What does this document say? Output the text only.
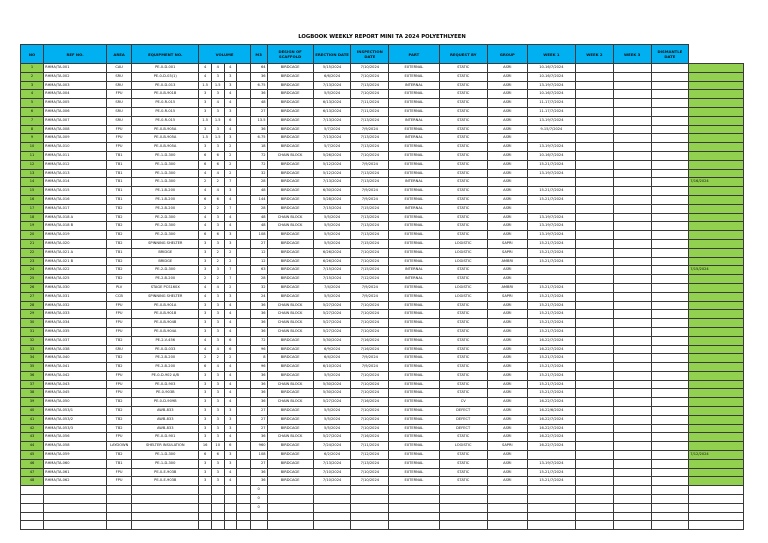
LOGBOOK WEEKLY REPORT MINI TA 2024 POLYETHLYEEN
NO	REF NO.	AREA	EQUIPMENT NO.	VOLUME				M3	DESIGN OF SCAFFOLD	ERECTION DATE	INSPECTION DATE	PART	REQUEST BY	GROUP	WEEK 1	WEEK 2	WEEK 3	DISMANTLE DATE	
1	RHMA/TA-001	CAU	PE-0-D-001	4	4	4		64	BIRDCAGE	5/15/2024	7/10/2024	EXTERNAL	STATIC	ASRI	10-16/7/2024				
2	RHMA/TA-002	SRU	PE-0-D-03(1)	4	3	3		36	BIRDCAGE	6/6/2024	7/10/2024	EXTERNAL	STATIC	ASRI	10-16/7/2024				
3	RHMA/TA-003	SRU	PE-0-D-013	1.5	1.5	3		6.75	BIRDCAGE	7/13/2024	7/13/2024	INTERNAL	STATIC	ASRI	13-19/7/2024				
4	RHMA/TA-004	FPU	PE-0-B-901B	3	3	4		36	BIRDCAGE	5/5/2024	7/10/2024	EXTERNAL	STATIC	ASRI	10-16/7/2024				
5	RHMA/TA-005	SRU	PE-0-R-015	3	4	4		48	BIRDCAGE	6/13/2024	7/11/2024	EXTERNAL	STATIC	ASRI	11-17/7/2024				
6	RHMA/TA-006	SRU	PE-0-R-015	3	3	3		27	BIRDCAGE	6/13/2024	7/11/2024	EXTERNAL	STATIC	ASRI	11-17/7/2024				
7	RHMA/TA-007	SRU	PE-0-R-015	1.5	1.5	6		13.5	BIRDCAGE	7/13/2024	7/13/2024	INTERNAL	STATIC	ASRI	13-19/7/2024				
8	RHMA/TA-008	FPU	PE-0-B-905A	3	3	4		36	BIRDCAGE	5/7/2024	7/9/2024	EXTERNAL	STATIC	ASRI	9-15/7/2024				
9	RHMA/TA-009	FPU	PE-0-B-905A	1.5	1.5	3		6.75	BIRDCAGE	7/13/2024	7/13/2024	INTERNAL	STATIC	ASRI					
10	RHMA/TA-010	FPU	PE-0-B-905A	3	3	2		18	BIRDCAGE	5/7/2024	7/13/2024	EXTERNAL	STATIC	ASRI	13-19/7/2024				
11	RHMA/TA-011	TB1	PE-1-D-300	6	6	2		72	CHAIN BLOCK	5/26/2024	7/10/2024	EXTERNAL	STATIC	ASRI	10-16/7/2024				
12	RHMA/TA-012	TB1	PE-1-D-300	6	6	2		72	BIRDCAGE	5/12/2024	7/9/2024	EXTERNAL	STATIC	ASRI	15-21/7/2024				
13	RHMA/TA-013	TB1	PE-1-D-300	4	4	2		32	BIRDCAGE	5/12/2024	7/13/2024	EXTERNAL	STATIC	ASRI	13-19/7/2024				
14	RHMA/TA-014	TB1	PE-1-D-300	2	2	7		28	BIRDCAGE	7/13/2024	7/13/2024	INTERNAL	STATIC	ASRI					7/16/2024
15	RHMA/TA-015	TB1	PE-1-B-200	4	4	3		48	BIRDCAGE	6/30/2024	7/9/2024	EXTERNAL	STATIC	ASRI	15-21/7/2024				
16	RHMA/TA-016	TB1	PE-1-B-200	6	6	4		144	BIRDCAGE	5/28/2024	7/9/2024	EXTERNAL	STATIC	ASRI	15-21/7/2024				
17	RHMA/TA-017	TB2	PE-2-B-200	2	2	7		28	BIRDCAGE	7/15/2024	7/15/2024	INTERNAL	STATIC	ASRI					
18	RHMA/TA-018 A	TB2	PE-2-D-300	4	3	4		48	CHAIN BLOCK	5/5/2024	7/13/2024	EXTERNAL	STATIC	ASRI	13-19/7/2024				
19	RHMA/TA-018 B	TB2	PE-2-D-300	4	3	4		48	CHAIN BLOCK	5/5/2024	7/13/2024	EXTERNAL	STATIC	ASRI	13-19/7/2024				
20	RHMA/TA-019	TB2	PE-2-D-300	6	6	3		108	BIRDCAGE	5/5/2024	7/13/2024	EXTERNAL	STATIC	ASRI	13-19/7/2024				
21	RHMA/TA-020	TB2	SPINNING SHELTER	3	3	3		27	BIRDCAGE	5/5/2024	7/15/2024	EXTERNAL	LOGISTIC	SAPRI	15-21/7/2024				
22	RHMA/TA-021 A	TB1	BRIDGE	3	2	2		12	BIRDCAGE	6/26/2024	7/10/2024	EXTERNAL	LOGISTIC	SAPRI	15-21/7/2024				
23	RHMA/TA-021 B	TB2	BRIDGE	3	2	2		12	BIRDCAGE	6/26/2024	7/10/2024	EXTERNAL	LOGISTIC	AMBRI	15-21/7/2024				
24	RHMA/TA-022	TB2	PE-2-D-300	3	3	7		63	BIRDCAGE	7/15/2024	7/15/2024	INTERNAL	STATIC	ASRI					7/15/2024
25	RHMA/TA-025	TB2	PE-2-B-200	2	2	7		28	BIRDCAGE	7/15/2024	7/12/2024	INTERNAL	STATIC	ASRI					
26	RHMA/TA-030	PLV	STAGE PCS160X	4	4	2		32	BIRDCAGE	7/4/2024	7/9/2024	EXTERNAL	LOGISTIC	AMBRI	15-21/7/2024				
27	RHMA/TA-031	CCB	SPINNING SHELTER	4	3	3		24	BIRDCAGE	5/5/2024	7/9/2024	EXTERNAL	LOGISTIC	SAPRI	15-21/7/2024				
28	RHMA/TA-032	FPU	PE-0-B-901A	3	3	4		36	CHAIN BLOCK	5/27/2024	7/10/2024	EXTERNAL	STATIC	ASRI	15-21/7/2024				
29	RHMA/TA-033	FPU	PE-0-B-901B	3	3	4		36	CHAIN BLOCK	5/27/2024	7/10/2024	EXTERNAL	STATIC	ASRI	15-21/7/2024				
30	RHMA/TA-034	FPU	PE-0-B-904B	3	3	4		36	CHAIN BLOCK	5/27/2024	7/10/2024	EXTERNAL	STATIC	ASRI	15-21/7/2024				
31	RHMA/TA-035	FPU	PE-0-B-904A	3	3	4		36	CHAIN BLOCK	5/27/2024	7/10/2024	EXTERNAL	STATIC	ASRI	15-21/7/2024				
32	RHMA/TA-037	TB2	PE-2-V-456	4	3	6		72	BIRDCAGE	5/30/2024	7/16/2024	EXTERNAL	STATIC	ASRI	16-22/7/2024				
33	RHMA/TA-038	SRU	PE-0-D-033	4	4	6		96	BIRDCAGE	6/9/2024	7/16/2024	EXTERNAL	STATIC	ASRI	16-22/7/2024				
34	RHMA/TA-040	TB2	PE-2-B-200	2	2	2		8	BIRDCAGE	6/4/2024	7/9/2024	EXTERNAL	STATIC	ASRI	15-21/7/2024				
35	RHMA/TA-041	TB2	PE-2-B-200	6	4	4		96	BIRDCAGE	6/10/2024	7/9/2024	EXTERNAL	STATIC	ASRI	15-21/7/2024				
36	RHMA/TA-042	FPU	PE-0-D-902 A/B	3	3	4		36	BIRDCAGE	5/5/2024	7/10/2024	EXTERNAL	STATIC	ASRI	15-21/7/2024				
37	RHMA/TA-043	FPU	PE-0-D-903	3	3	4		36	CHAIN BLOCK	5/30/2024	7/10/2024	EXTERNAL	STATIC	ASRI	15-21/7/2024				
38	RHMA/TA-045	FPU	PE-0-903B	3	3	4		36	BIRDCAGE	5/30/2024	7/10/2024	EXTERNAL	STATIC	ASRI	15-21/7/2024				
39	RHMA/TA-050	TB2	PE-0-D-909B	3	3	4		36	CHAIN BLOCK	5/27/2024	7/16/2024	EXTERNAL	CV	ASRI	16-22/7/2024				
40	RHMA/TA-053/1	TB2	AWB-833	3	3	3		27	BIRDCAGE	5/5/2024	7/10/2024	EXTERNAL	DEFECT	ASRI	16-22/6/2024				
41	RHMA/TA-053/2	TB2	AWB-833	3	3	3		27	BIRDCAGE	5/5/2024	7/10/2024	EXTERNAL	DEFECT	ASRI	16-22/7/2024				
42	RHMA/TA-053/3	TB2	AWB-833	3	3	3		27	BIRDCAGE	5/5/2024	7/10/2024	EXTERNAL	DEFECT	ASRI	16-22/7/2024				
43	RHMA/TA-056	FPU	PE-0-D-901	3	3	4		36	CHAIN BLOCK	5/27/2024	7/16/2024	EXTERNAL	STATIC	ASRI	16-22/7/2024				
44	RHMA/TA-058	LAYDOWN	SHELTER INSULATION	16	10	6		960	BIRDCAGE	7/24/2024	7/11/2024	EXTERNAL	LOGISTIC	SAPRI	16-22/7/2024				
45	RHMA/TA-059	TB2	PE-1-D-300	6	6	3		108	BIRDCAGE	6/2/2024	7/12/2024	EXTERNAL	STATIC	ASRI					7/12/2024
46	RHMA/TA-060	TB1	PE-1-D-300	3	3	3		27	BIRDCAGE	7/13/2024	7/13/2024	EXTERNAL	STATIC	ASRI	13-19/7/2024				
47	RHMA/TA-061	FPU	PE-0-E-903B	3	3	4		36	BIRDCAGE	7/10/2024	7/10/2024	EXTERNAL	STATIC	ASRI	15-21/7/2024				
48	RHMA/TA-062	FPU	PE-0-E-903B	3	3	4		36	BIRDCAGE	7/10/2024	7/10/2024	EXTERNAL	STATIC	ASRI	15-21/7/2024				
								0											
								0											
								0											
